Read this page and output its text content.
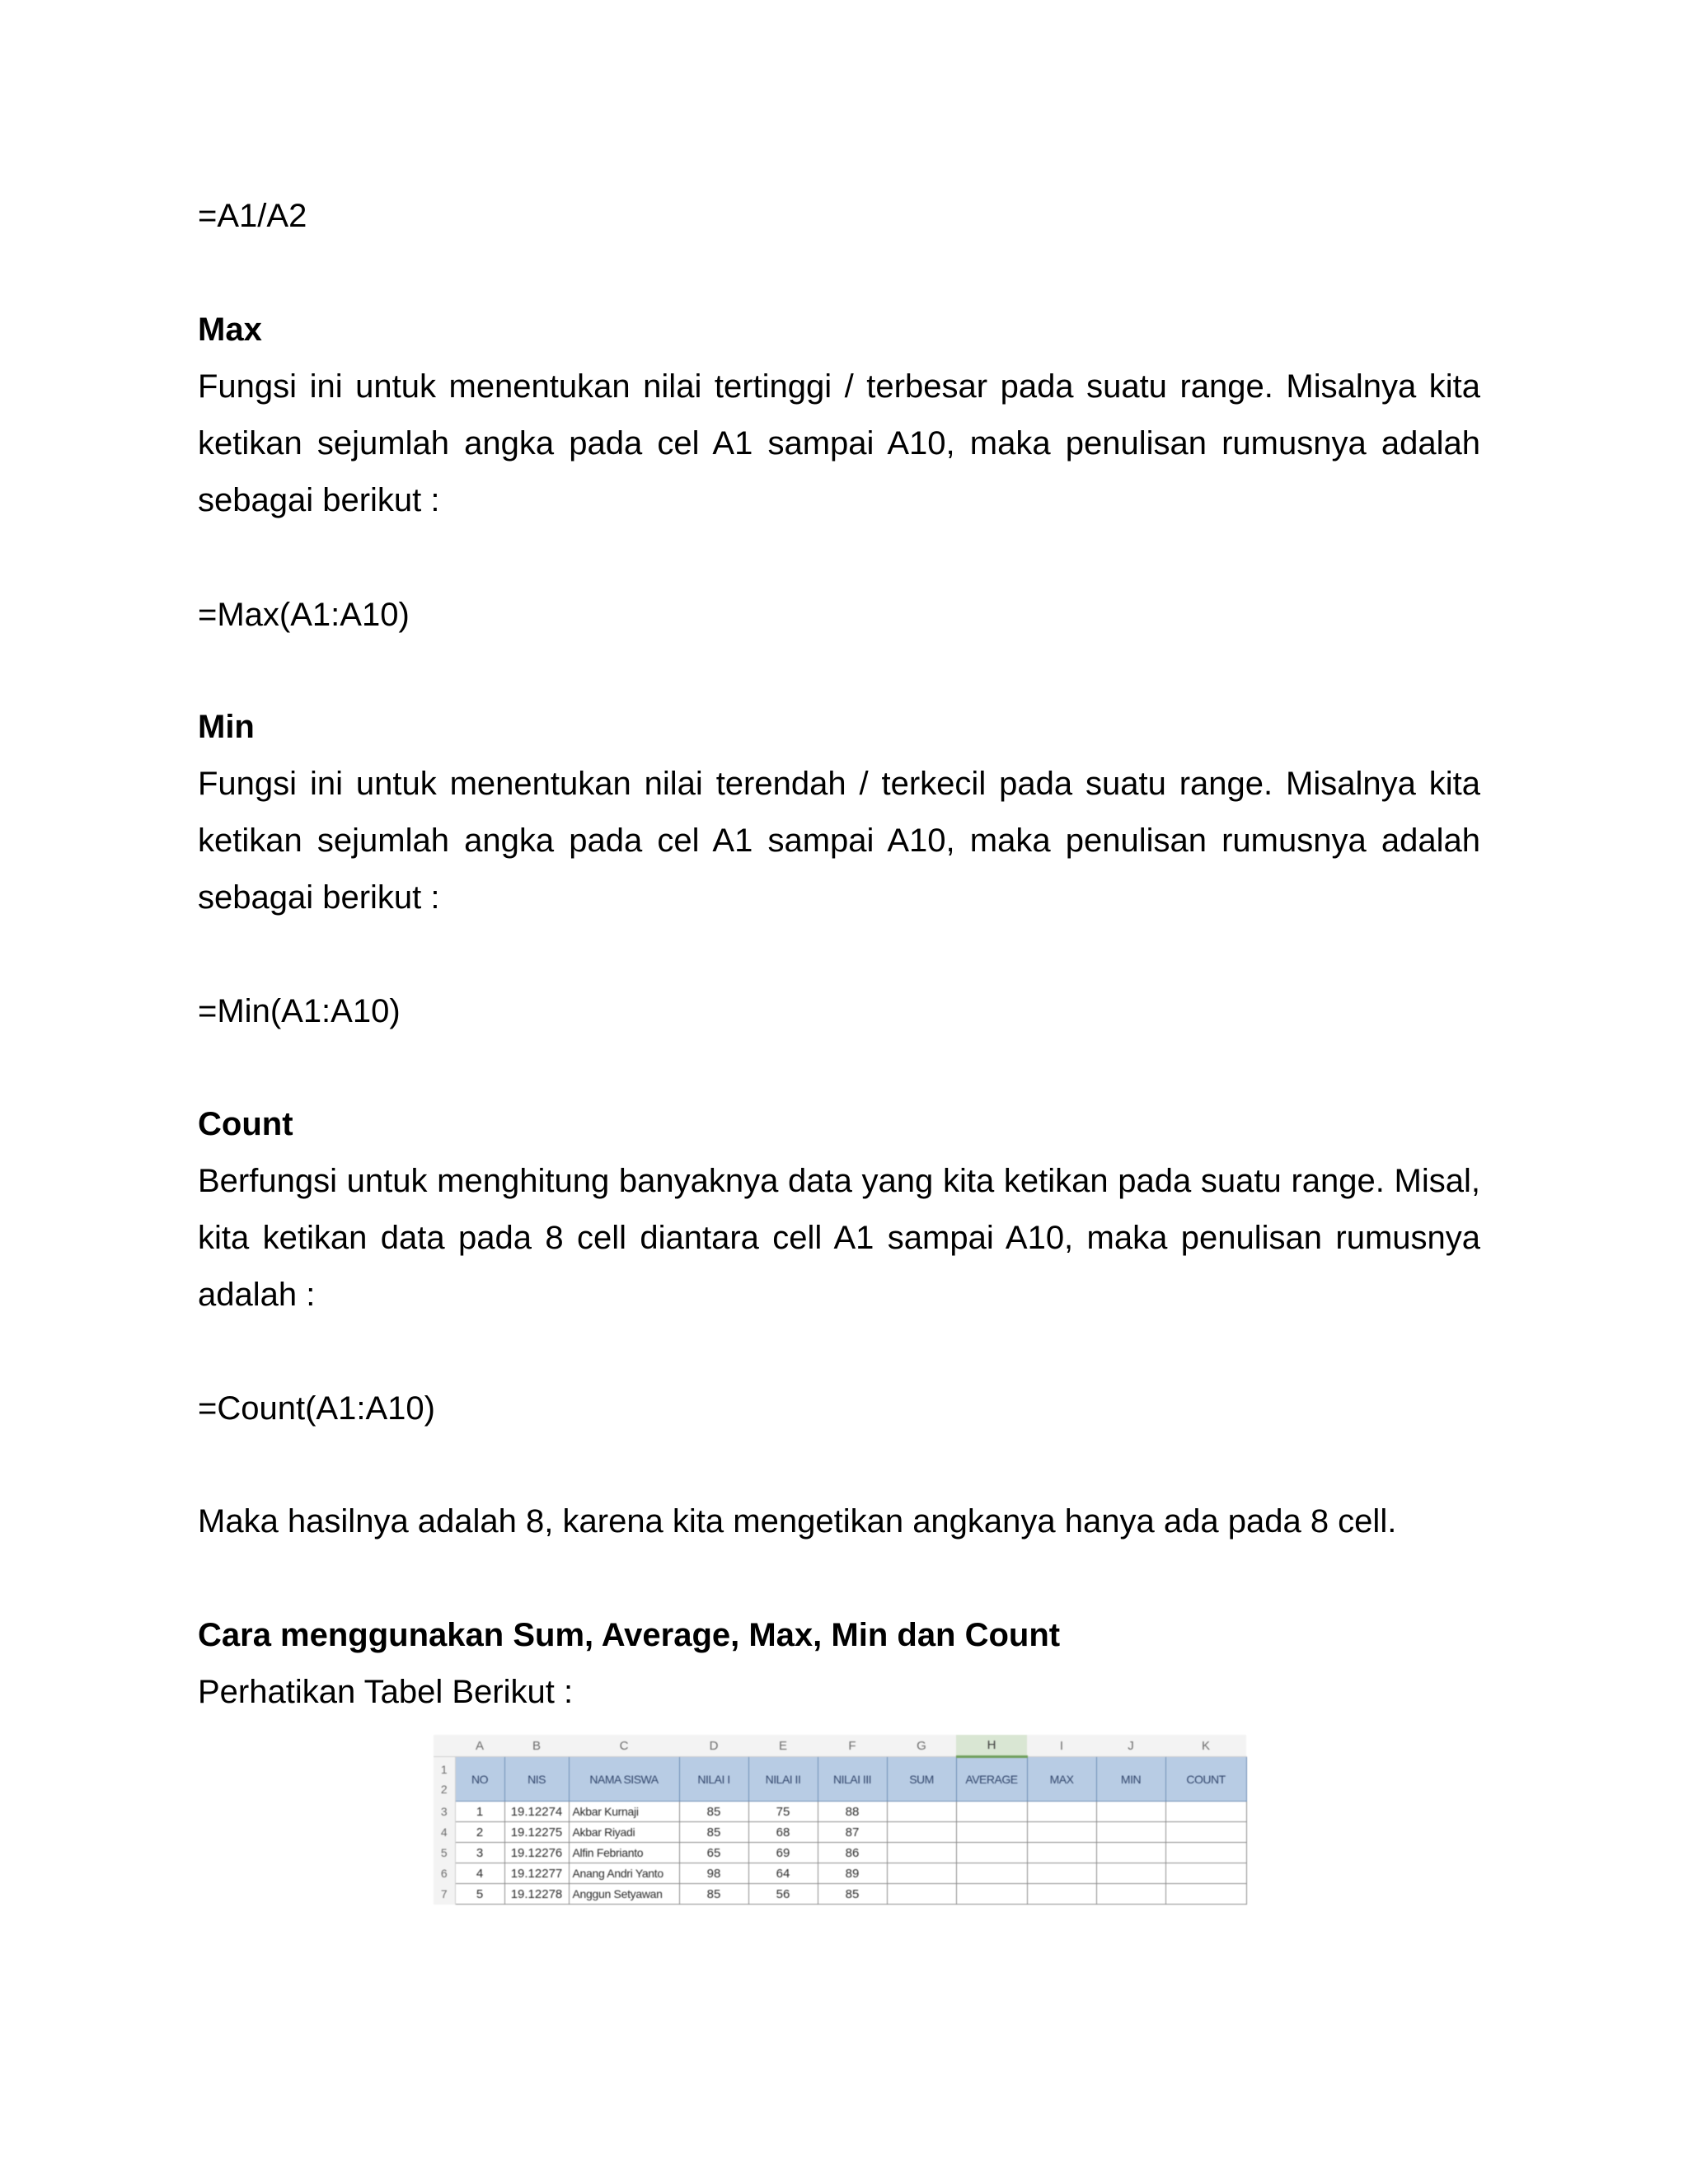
=A1/A2

Max

Fungsi ini untuk menentukan nilai tertinggi / terbesar pada suatu range. Misalnya kita ketikan sejumlah angka pada cel A1 sampai A10, maka penulisan rumusnya adalah sebagai berikut :

=Max(A1:A10)

Min

Fungsi ini untuk menentukan nilai terendah / terkecil pada suatu range. Misalnya kita ketikan sejumlah angka pada cel A1 sampai A10, maka penulisan rumusnya adalah sebagai berikut :

=Min(A1:A10)

Count

Berfungsi untuk menghitung banyaknya data yang kita ketikan pada suatu range. Misal, kita ketikan data pada 8 cell diantara cell A1 sampai A10, maka penulisan rumusnya adalah :

=Count(A1:A10)

Maka hasilnya adalah 8, karena kita mengetikan angkanya hanya ada pada 8 cell.

Cara menggunakan Sum, Average, Max, Min dan Count

Perhatikan Tabel Berikut :

	A	B	C	D	E	F	G	H	I	J	K

1
2	NO	NIS	NAMA SISWA	NILAI I	NILAI II	NILAI III	SUM	AVERAGE	MAX	MIN	COUNT
3	1	19.12274	Akbar Kurnaji	85	75	88					
4	2	19.12275	Akbar Riyadi	85	68	87					
5	3	19.12276	Alfin Febrianto	65	69	86					
6	4	19.12277	Anang Andri Yanto	98	64	89					
7	5	19.12278	Anggun Setyawan	85	56	85					
